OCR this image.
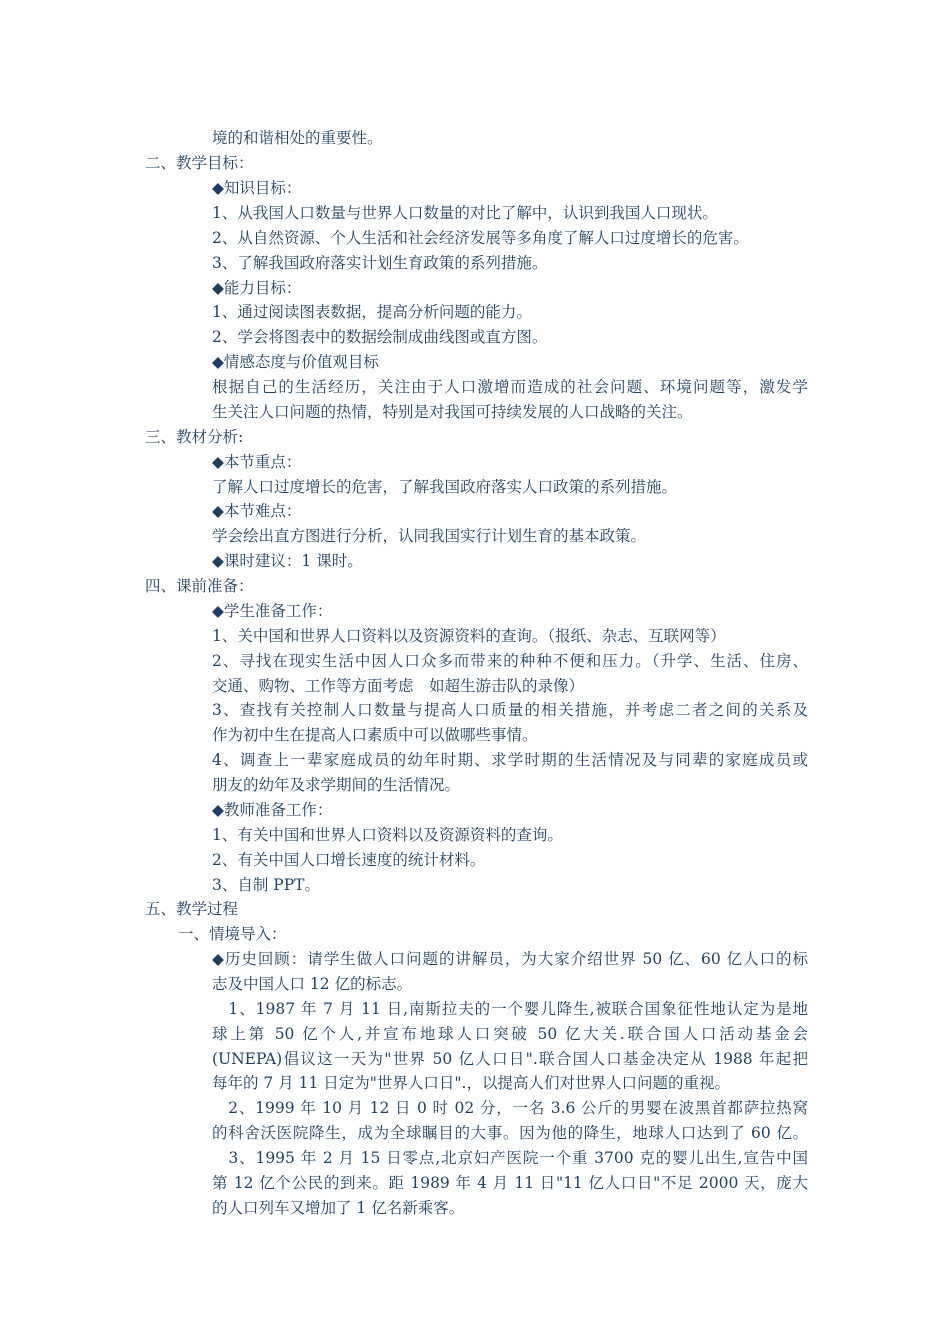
境的和谐相处的重要性。
二、教学目标：
◆知识目标：
1、从我国人口数量与世界人口数量的对比了解中，认识到我国人口现状。
2、从自然资源、个人生活和社会经济发展等多角度了解人口过度增长的危害。
3、了解我国政府落实计划生育政策的系列措施。
◆能力目标：
1、通过阅读图表数据，提高分析问题的能力。
2、学会将图表中的数据绘制成曲线图或直方图。
◆情感态度与价值观目标
根据自己的生活经历，关注由于人口激增而造成的社会问题、环境问题等，激发学
生关注人口问题的热情，特别是对我国可持续发展的人口战略的关注。
三、教材分析:
◆本节重点：
了解人口过度增长的危害，了解我国政府落实人口政策的系列措施。
◆本节难点：
学会绘出直方图进行分析，认同我国实行计划生育的基本政策。
◆课时建议：1 课时。
四、课前准备：
◆学生准备工作：
1、关中国和世界人口资料以及资源资料的查询。（报纸、杂志、互联网等）
2、寻找在现实生活中因人口众多而带来的种种不便和压力。（升学、生活、住房、
交通、购物、工作等方面考虑　如超生游击队的录像）
3、查找有关控制人口数量与提高人口质量的相关措施，并考虑二者之间的关系及
作为初中生在提高人口素质中可以做哪些事情。
4、调查上一辈家庭成员的幼年时期、求学时期的生活情况及与同辈的家庭成员或
朋友的幼年及求学期间的生活情况。
◆教师准备工作：
1、有关中国和世界人口资料以及资源资料的查询。
2、有关中国人口增长速度的统计材料。
3、自制 PPT。
五、教学过程
一、情境导入：
◆历史回顾：请学生做人口问题的讲解员，为大家介绍世界 50 亿、60 亿人口的标
志及中国人口 12 亿的标志。
　1、1987 年 7 月 11 日,南斯拉夫的一个婴儿降生,被联合国象征性地认定为是地
球上第 50 亿个人,并宣布地球人口突破 50 亿大关.联合国人口活动基金会
(UNEPA)倡议这一天为"世界 50 亿人口日".联合国人口基金决定从 1988 年起把
每年的 7 月 11 日定为"世界人口日".，以提高人们对世界人口问题的重视。
　2、1999 年 10 月 12 日 0 时 02 分，一名 3.6 公斤的男婴在波黑首都萨拉热窝
的科舍沃医院降生，成为全球瞩目的大事。因为他的降生，地球人口达到了 60 亿。
　3、1995 年 2 月 15 日零点,北京妇产医院一个重 3700 克的婴儿出生,宣告中国
第 12 亿个公民的到来。距 1989 年 4 月 11 日"11 亿人口日"不足 2000 天，庞大
的人口列车又增加了 1 亿名新乘客。
